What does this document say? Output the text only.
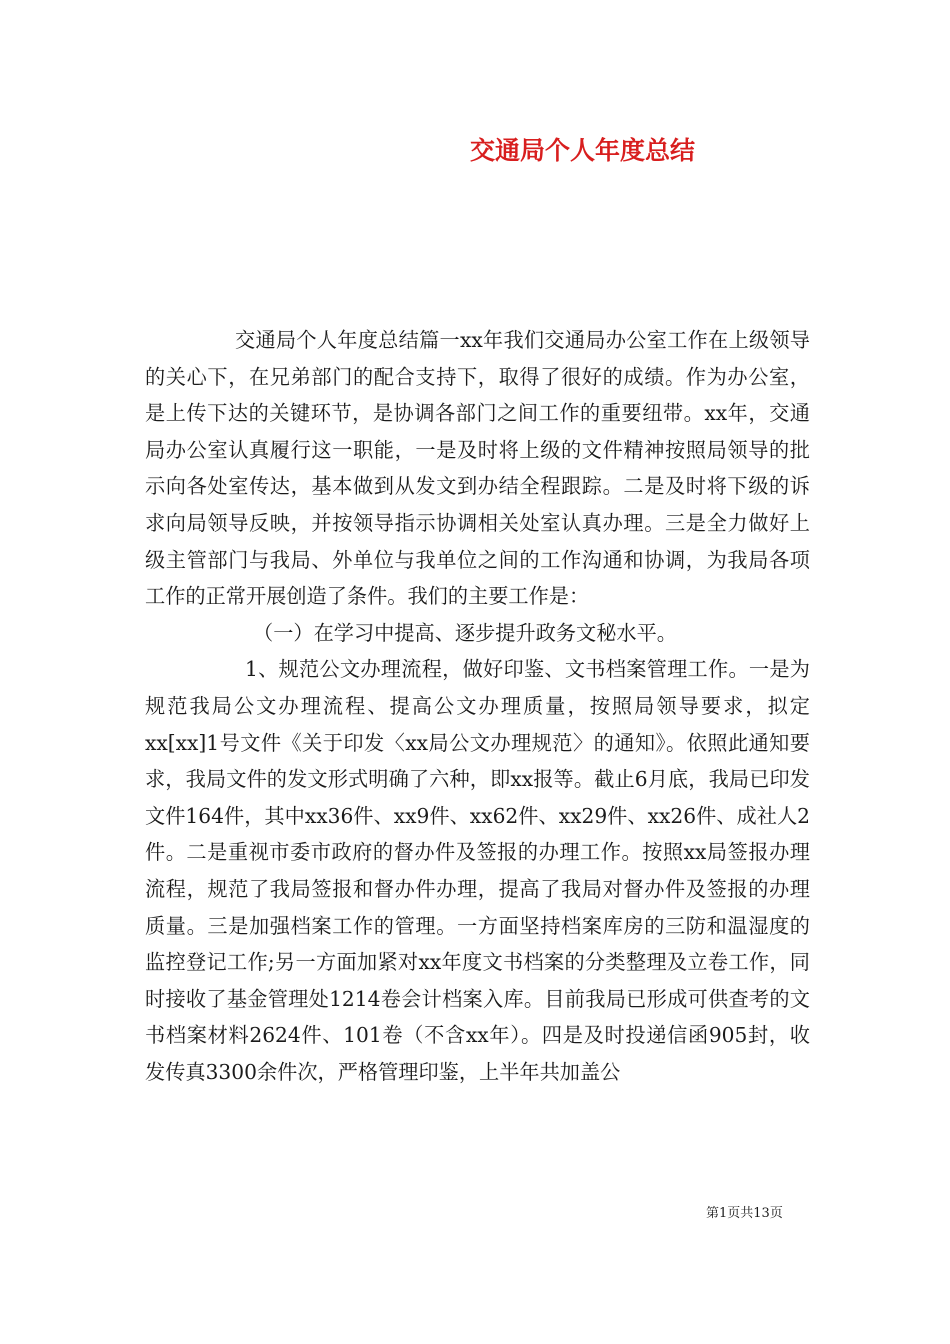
交通局个人年度总结

交通局个人年度总结篇一xx年我们交通局办公室工作在上级领导的关心下，在兄弟部门的配合支持下，取得了很好的成绩。作为办公室，是上传下达的关键环节，是协调各部门之间工作的重要纽带。xx年，交通局办公室认真履行这一职能，一是及时将上级的文件精神按照局领导的批示向各处室传达，基本做到从发文到办结全程跟踪。二是及时将下级的诉求向局领导反映，并按领导指示协调相关处室认真办理。三是全力做好上级主管部门与我局、外单位与我单位之间的工作沟通和协调，为我局各项工作的正常开展创造了条件。我们的主要工作是：

（一）在学习中提高、逐步提升政务文秘水平。

1、规范公文办理流程，做好印鉴、文书档案管理工作。一是为规范我局公文办理流程、提高公文办理质量，按照局领导要求，拟定xx[xx]1号文件《关于印发〈xx局公文办理规范〉的通知》。依照此通知要求，我局文件的发文形式明确了六种，即xx报等。截止6月底，我局已印发文件164件，其中xx36件、xx9件、xx62件、xx29件、xx26件、成社人2件。二是重视市委市政府的督办件及签报的办理工作。按照xx局签报办理流程，规范了我局签报和督办件办理，提高了我局对督办件及签报的办理质量。三是加强档案工作的管理。一方面坚持档案库房的三防和温湿度的监控登记工作;另一方面加紧对xx年度文书档案的分类整理及立卷工作，同时接收了基金管理处1214卷会计档案入库。目前我局已形成可供查考的文书档案材料2624件、101卷（不含xx年）。四是及时投递信函905封，收发传真3300余件次，严格管理印鉴，上半年共加盖公

第1页共13页
